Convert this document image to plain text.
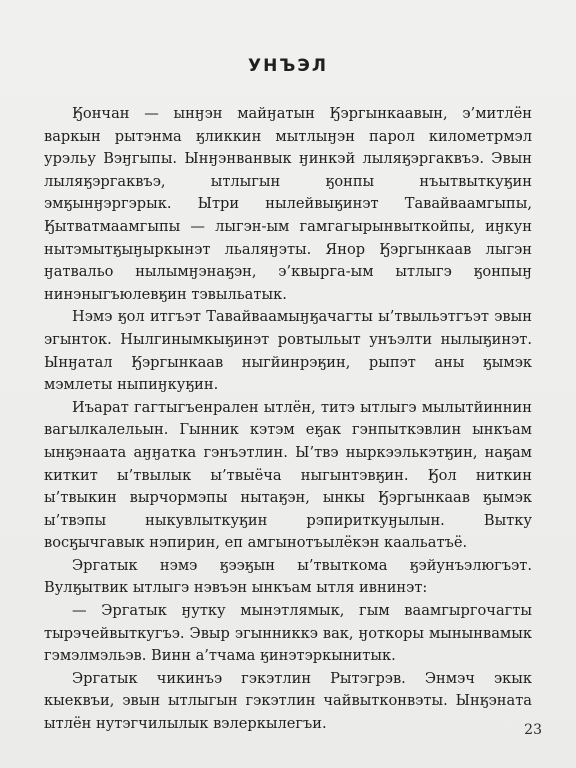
УНЪЭЛ

Ӄончан — ынӈэн майӈатын Ӄэргынкаавын, э’митлён варкын рытэнма ӄликкин мытлыӈэн парол километрмэл урэльу Вэӈгыпы. Ынӈэнванвык ӈинкэй лыляӄэргаквъэ. Эвын лыляӄэргаквъэ, ытлыгын ӄонпы нъытвыткуӄин эмӄынӈэргэрык. Ытри нылейвыӄинэт Тавайваамгыпы, Ӄытватмаамгыпы — лыгэн-ым гамгагырынвыткойпы, иӈкун нытэмытӄыӈыркынэт льаляӈэты. Янор Ӄэргынкаав лыгэн ӈатвальо нылымӈэнаӄэн, э’квырга-ым ытлыгэ ӄонпыӈ нинэныгъюлевӄин тэвыльатык.

Нэмэ ӄол итгъэт Тавайваамыӈӄачагты ы’твыльэтгъэт эвын эгынток. Нылгинымкыӄинэт ровтыльыт унъэлти нылыӄинэт. Ынӈатал Ӄэргынкаав ныгйинрэӄин, рыпэт аны ӄымэк мэмлеты ныпиӈкуӄин.

Иъарат гагтыгъенрален ытлён, титэ ытлыгэ мылытйиннин вагылкалельын. Гынник кэтэм еӄак гэнпыткэвлин ынкъам ынӄэнаата аӈӈатка гэнъэтлин. Ы’твэ ныркээлькэтӄин, наӄам киткит ы’твылык ы’твыёча ныгынтэвӄин. Ӄол ниткин ы’твыкин вырчормэпы нытаӄэн, ынкы Ӄэргынкаав ӄымэк ы’твэпы ныкувлыткуӄин рэпириткуӈылын. Вытку восӄычгавык нэпирин, еп амгынотъылёкэн каальатъё.

Эргатык нэмэ ӄээӄын ы’твыткома ӄэйунъэлюгъэт. Вулӄытвик ытлыгэ нэвъэн ынкъам ытля ивнинэт:

— Эргатык ӈутку мынэтлямык, гым ваамгыргочагты тырэчейвыткугъэ. Эвыр эгынниккэ вак, ӈоткоры мынынвамык гэмэлмэльэв. Винн а’тчама ӄинэтэркынитык.

Эргатык чикинъэ гэкэтлин Рытэгрэв. Энмэч экык кыеквъи, эвын ытлыгын гэкэтлин чайвытконвэты. Ынӄэната ытлён нутэгчилылык вэлеркылегъи.	23
